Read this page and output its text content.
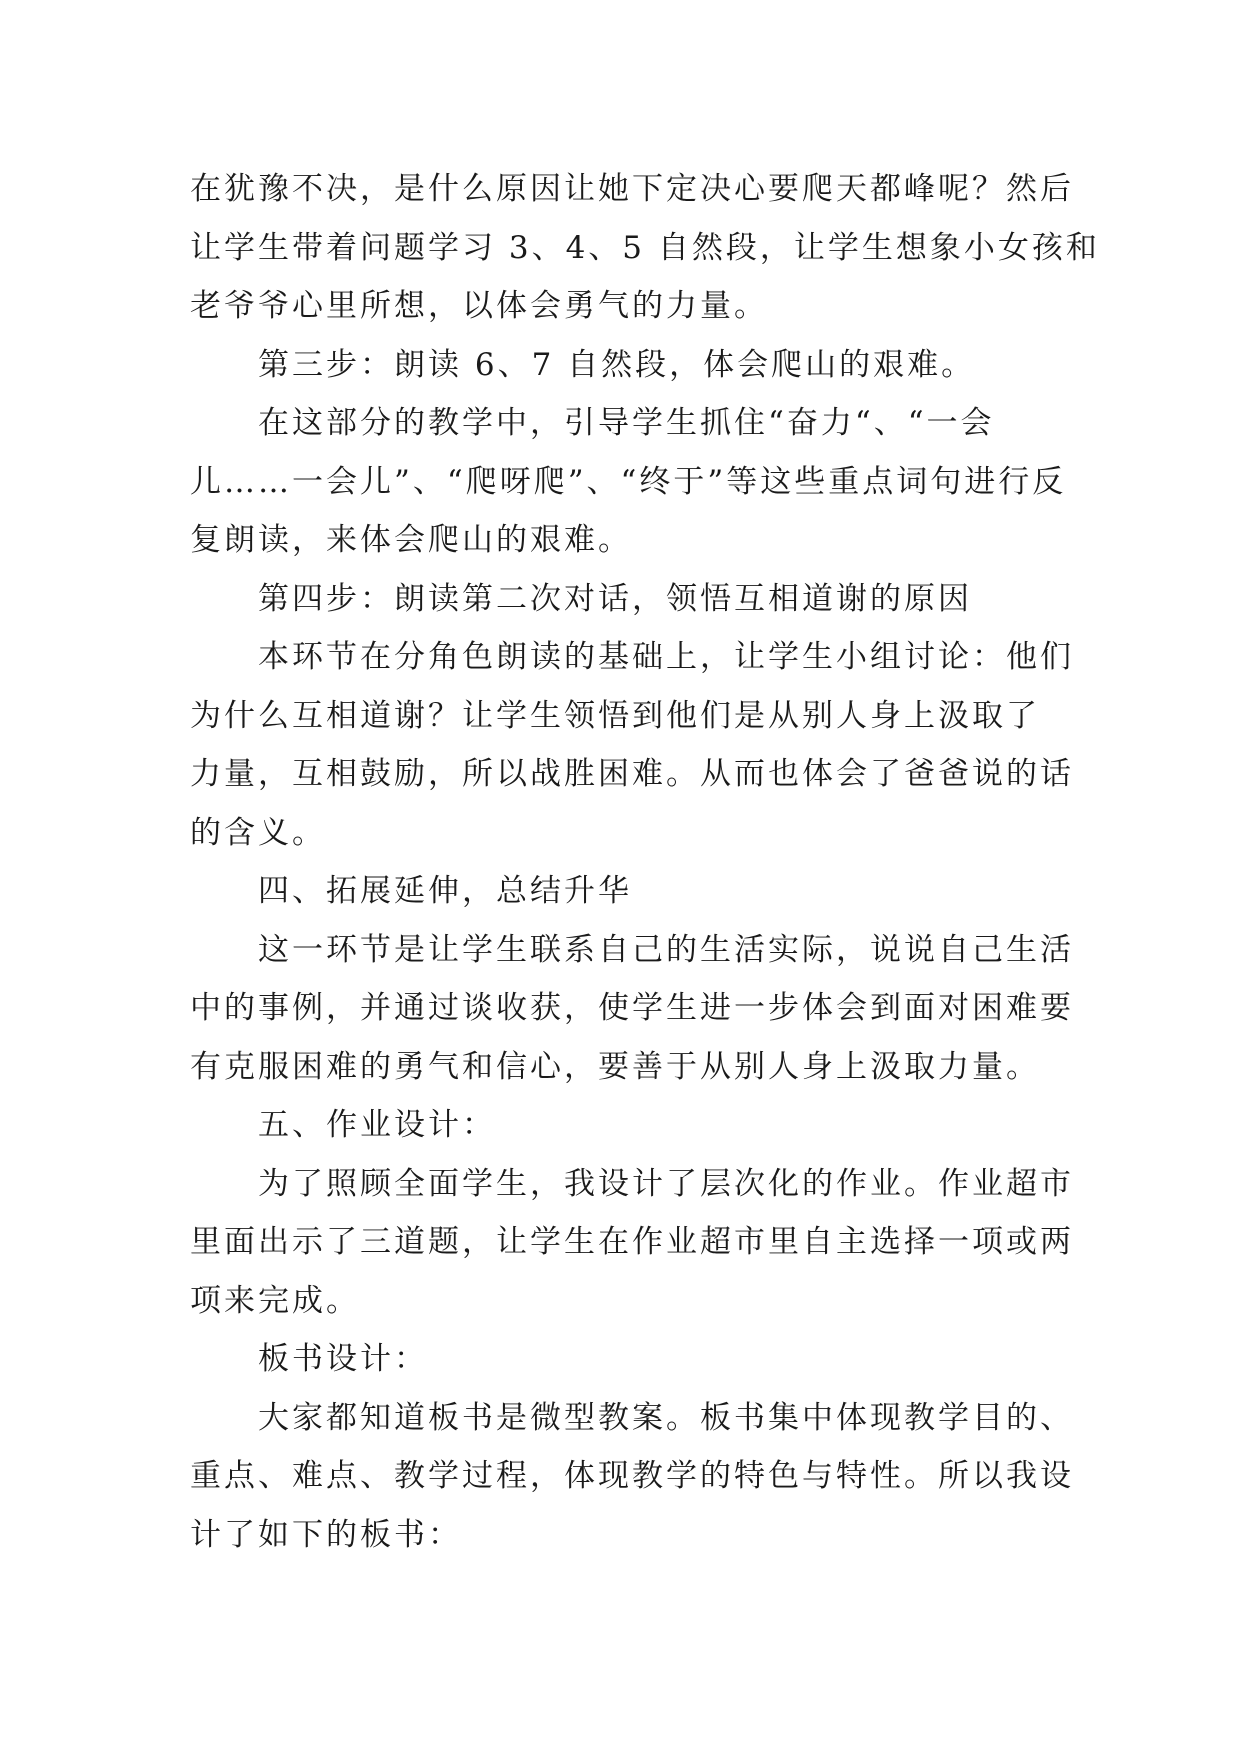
在犹豫不决，是什么原因让她下定决心要爬天都峰呢？然后

让学生带着问题学习 3、4、5 自然段，让学生想象小女孩和

老爷爷心里所想，以体会勇气的力量。

第三步：朗读 6、7 自然段，体会爬山的艰难。

在这部分的教学中，引导学生抓住“奋力“、“一会

儿……一会儿”、“爬呀爬”、“终于”等这些重点词句进行反

复朗读，来体会爬山的艰难。

第四步：朗读第二次对话，领悟互相道谢的原因

本环节在分角色朗读的基础上，让学生小组讨论：他们

为什么互相道谢？让学生领悟到他们是从别人身上汲取了

力量，互相鼓励，所以战胜困难。从而也体会了爸爸说的话

的含义。

四、拓展延伸，总结升华

这一环节是让学生联系自己的生活实际，说说自己生活

中的事例，并通过谈收获，使学生进一步体会到面对困难要

有克服困难的勇气和信心，要善于从别人身上汲取力量。

五、作业设计：

为了照顾全面学生，我设计了层次化的作业。作业超市

里面出示了三道题，让学生在作业超市里自主选择一项或两

项来完成。

板书设计：

大家都知道板书是微型教案。板书集中体现教学目的、

重点、难点、教学过程，体现教学的特色与特性。所以我设

计了如下的板书：
